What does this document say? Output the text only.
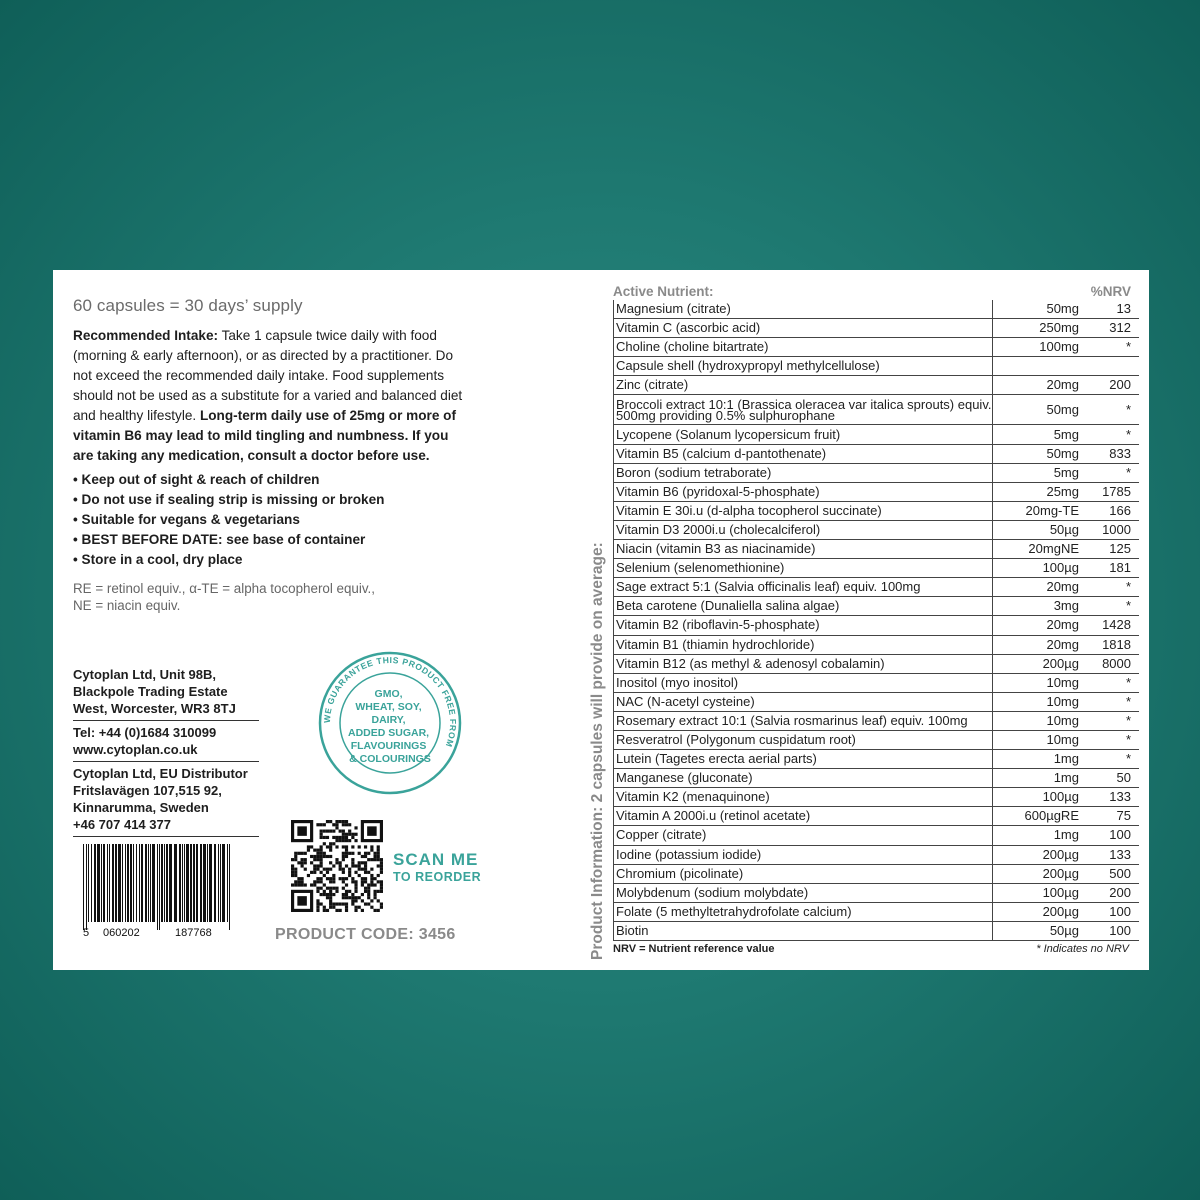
60 capsules = 30 days’ supply

Recommended Intake: Take 1 capsule twice daily with food (morning & early afternoon), or as directed by a practitioner. Do not exceed the recommended daily intake. Food supplements should not be used as a substitute for a varied and balanced diet and healthy lifestyle. Long-term daily use of 25mg or more of vitamin B6 may lead to mild tingling and numbness. If you are taking any medication, consult a doctor before use.

• Keep out of sight & reach of children
• Do not use if sealing strip is missing or broken
• Suitable for vegans & vegetarians
• BEST BEFORE DATE: see base of container
• Store in a cool, dry place

RE = retinol equiv., α-TE = alpha tocopherol equiv.,
NE = niacin equiv.

Cytoplan Ltd, Unit 98B,
Blackpole Trading Estate
West, Worcester, WR3 8TJ
Tel: +44 (0)1684 310099
www.cytoplan.co.uk
Cytoplan Ltd, EU Distributor
Fritslavägen 107,515 92,
Kinnarumma, Sweden
+46 707 414 377
WE GUARANTEE THIS PRODUCT FREE FROM
GMO, WHEAT, SOY, DAIRY, ADDED SUGAR, FLAVOURINGS & COLOURINGS
5 060202	187768
SCAN ME
TO REORDER
PRODUCT CODE: 3456	Product Information: 2 capsules will provide on average:
Active Nutrient:	%NRV
Magnesium (citrate)	50mg	13
Vitamin C (ascorbic acid)	250mg	312
Choline (choline bitartrate)	100mg	*
Capsule shell (hydroxypropyl methylcellulose)
Zinc (citrate)	20mg	200
Broccoli extract 10:1 (Brassica oleracea var italica sprouts) equiv. 500mg providing 0.5% sulphurophane	50mg	*
Lycopene (Solanum lycopersicum fruit)	5mg	*
Vitamin B5 (calcium d-pantothenate)	50mg	833
Boron (sodium tetraborate)	5mg	*
Vitamin B6 (pyridoxal-5-phosphate)	25mg	1785
Vitamin E 30i.u (d-alpha tocopherol succinate)	20mg-TE	166
Vitamin D3 2000i.u (cholecalciferol)	50µg	1000
Niacin (vitamin B3 as niacinamide)	20mgNE	125
Selenium (selenomethionine)	100µg	181
Sage extract 5:1 (Salvia officinalis leaf) equiv. 100mg	20mg	*
Beta carotene (Dunaliella salina algae)	3mg	*
Vitamin B2 (riboflavin-5-phosphate)	20mg	1428
Vitamin B1 (thiamin hydrochloride)	20mg	1818
Vitamin B12 (as methyl & adenosyl cobalamin)	200µg	8000
Inositol (myo inositol)	10mg	*
NAC (N-acetyl cysteine)	10mg	*
Rosemary extract 10:1 (Salvia rosmarinus leaf) equiv. 100mg	10mg	*
Resveratrol (Polygonum cuspidatum root)	10mg	*
Lutein (Tagetes erecta aerial parts)	1mg	*
Manganese (gluconate)	1mg	50
Vitamin K2 (menaquinone)	100µg	133
Vitamin A 2000i.u (retinol acetate)	600µgRE	75
Copper (citrate)	1mg	100
Iodine (potassium iodide)	200µg	133
Chromium (picolinate)	200µg	500
Molybdenum (sodium molybdate)	100µg	200
Folate (5 methyltetrahydrofolate calcium)	200µg	100
Biotin	50µg	100
NRV = Nutrient reference value	* Indicates no NRV
